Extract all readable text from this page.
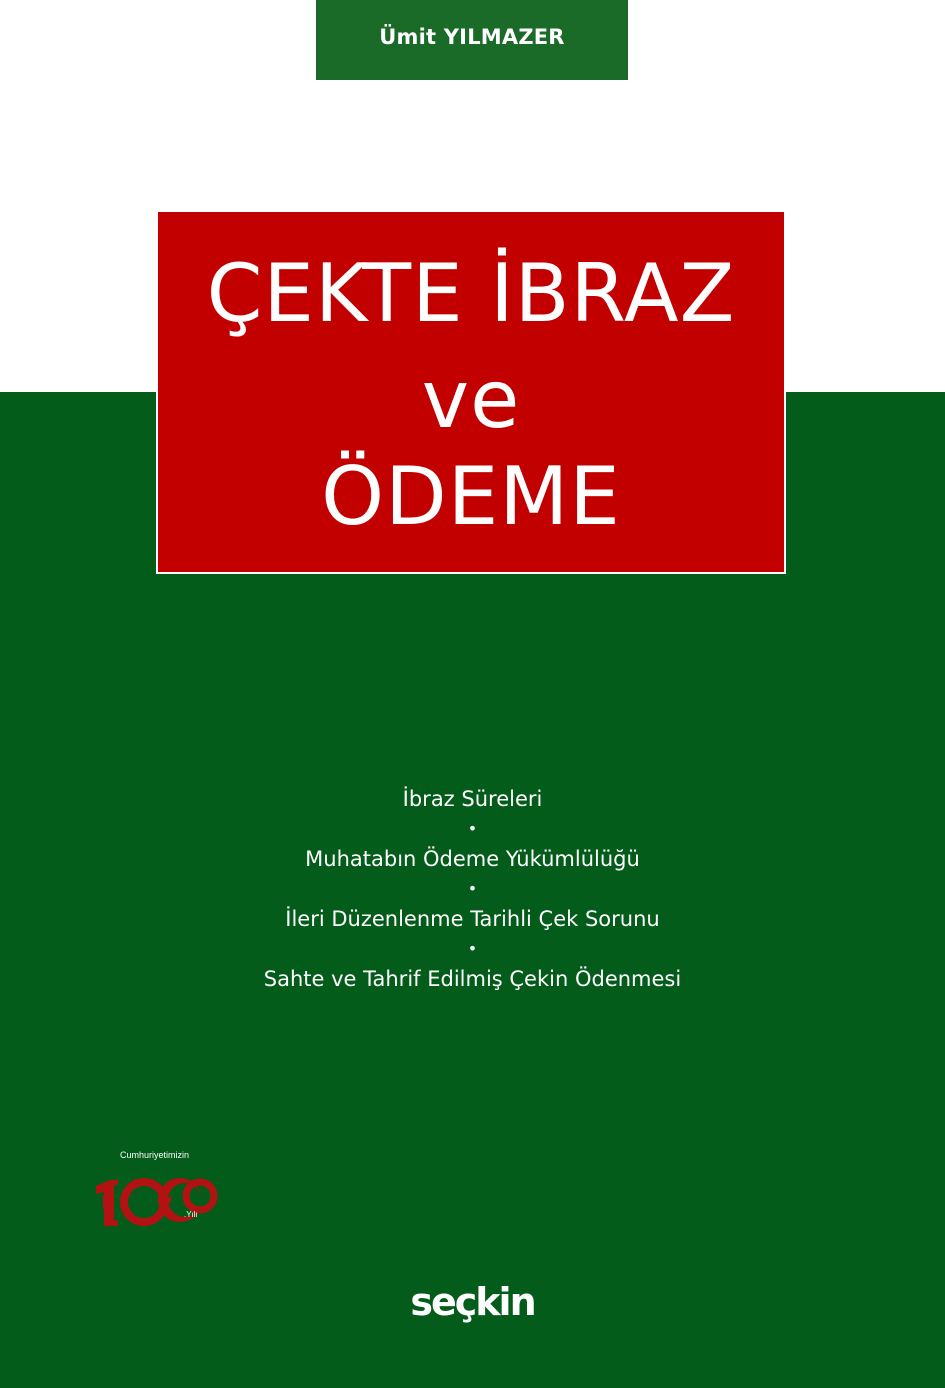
Ümit YILMAZER
ÇEKTE İBRAZ
ve
ÖDEME
İbraz Süreleri
•
Muhatabın Ödeme Yükümlülüğü
•
İleri Düzenlenme Tarihli Çek Sorunu
•
Sahte ve Tahrif Edilmiş Çekin Ödenmesi
Cumhuriyetimizin
.Yılı
seçkin
